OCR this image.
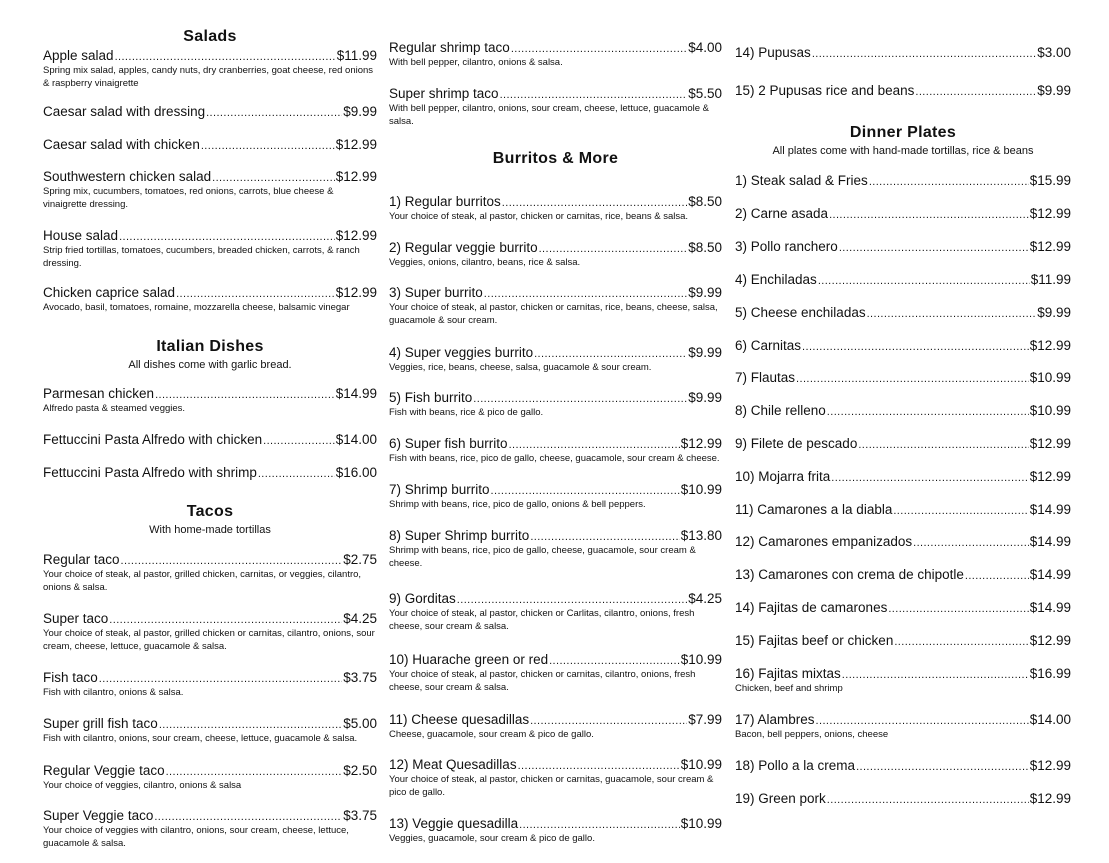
Salads
Apple salad .....	$11.99
Spring mix salad, apples, candy nuts, dry cranberries, goat cheese, red onions & raspberry vinaigrette
Caesar salad with dressing .....	$9.99
Caesar salad with chicken .....	$12.99
Southwestern chicken salad .....	$12.99
Spring mix, cucumbers, tomatoes, red onions, carrots, blue cheese & vinaigrette dressing.
House salad .....	$12.99
Strip fried tortillas, tomatoes, cucumbers, breaded chicken, carrots, & ranch dressing.
Chicken caprice salad .....	$12.99
Avocado, basil, tomatoes, romaine, mozzarella cheese, balsamic vinegar
Italian Dishes
All dishes come with garlic bread.
Parmesan chicken .....	$14.99
Alfredo pasta & steamed veggies.
Fettuccini Pasta Alfredo with chicken .....	$14.00
Fettuccini Pasta Alfredo with shrimp .....	$16.00
Tacos
With home-made tortillas
Regular taco .....	$2.75
Your choice of steak, al pastor, grilled chicken, carnitas, or veggies, cilantro, onions & salsa.
Super taco .....	$4.25
Your choice of steak, al pastor, grilled chicken or carnitas, cilantro, onions, sour cream, cheese, lettuce, guacamole & salsa.
Fish taco .....	$3.75
Fish with cilantro, onions & salsa.
Super grill fish taco .....	$5.00
Fish with cilantro, onions, sour cream, cheese, lettuce, guacamole & salsa.
Regular Veggie taco .....	$2.50
Your choice of veggies, cilantro, onions & salsa
Super Veggie taco .....	$3.75
Your choice of veggies with cilantro, onions, sour cream, cheese, lettuce, guacamole & salsa.
Regular shrimp taco .....	$4.00
With bell pepper, cilantro, onions & salsa.
Super shrimp taco .....	$5.50
With bell pepper, cilantro, onions, sour cream, cheese, lettuce, guacamole & salsa.
Burritos & More
1) Regular burritos .....	$8.50
Your choice of steak, al pastor, chicken or carnitas, rice, beans & salsa.
2) Regular veggie burrito .....	$8.50
Veggies, onions, cilantro, beans, rice & salsa.
3) Super burrito .....	$9.99
Your choice of steak, al pastor, chicken or carnitas, rice, beans, cheese, salsa, guacamole & sour cream.
4) Super veggies burrito .....	$9.99
Veggies, rice, beans, cheese, salsa, guacamole & sour cream.
5) Fish burrito .....	$9.99
Fish with beans, rice & pico de gallo.
6) Super fish burrito .....	$12.99
Fish with beans, rice, pico de gallo, cheese, guacamole, sour cream & cheese.
7) Shrimp burrito .....	$10.99
Shrimp with beans, rice, pico de gallo, onions & bell peppers.
8) Super Shrimp burrito .....	$13.80
Shrimp with beans, rice, pico de gallo, cheese, guacamole, sour cream & cheese.
9) Gorditas .....	$4.25
Your choice of steak, al pastor, chicken or Carlitas, cilantro, onions, fresh cheese, sour cream & salsa.
10) Huarache green or red .....	$10.99
Your choice of steak, al pastor, chicken or carnitas, cilantro, onions, fresh cheese, sour cream & salsa.
11) Cheese quesadillas .....	$7.99
Cheese, guacamole, sour cream & pico de gallo.
12) Meat Quesadillas .....	$10.99
Your choice of steak, al pastor, chicken or carnitas, guacamole, sour cream & pico de gallo.
13) Veggie quesadilla .....	$10.99
Veggies, guacamole, sour cream & pico de gallo.
14) Pupusas .....	$3.00
15) 2 Pupusas rice and beans .....	$9.99
Dinner Plates
All plates come with hand-made tortillas, rice & beans
1) Steak salad & Fries .....	$15.99
2) Carne asada .....	$12.99
3) Pollo ranchero .....	$12.99
4) Enchiladas .....	$11.99
5) Cheese enchiladas .....	$9.99
6) Carnitas .....	$12.99
7) Flautas .....	$10.99
8) Chile relleno .....	$10.99
9) Filete de pescado .....	$12.99
10) Mojarra frita .....	$12.99
11) Camarones a la diabla .....	$14.99
12) Camarones empanizados .....	$14.99
13) Camarones con crema de chipotle .....	$14.99
14) Fajitas de camarones .....	$14.99
15) Fajitas beef or chicken .....	$12.99
16) Fajitas mixtas .....	$16.99
Chicken, beef and shrimp
17) Alambres .....	$14.00
Bacon, bell peppers, onions, cheese
18) Pollo a la crema .....	$12.99
19) Green pork .....	$12.99
